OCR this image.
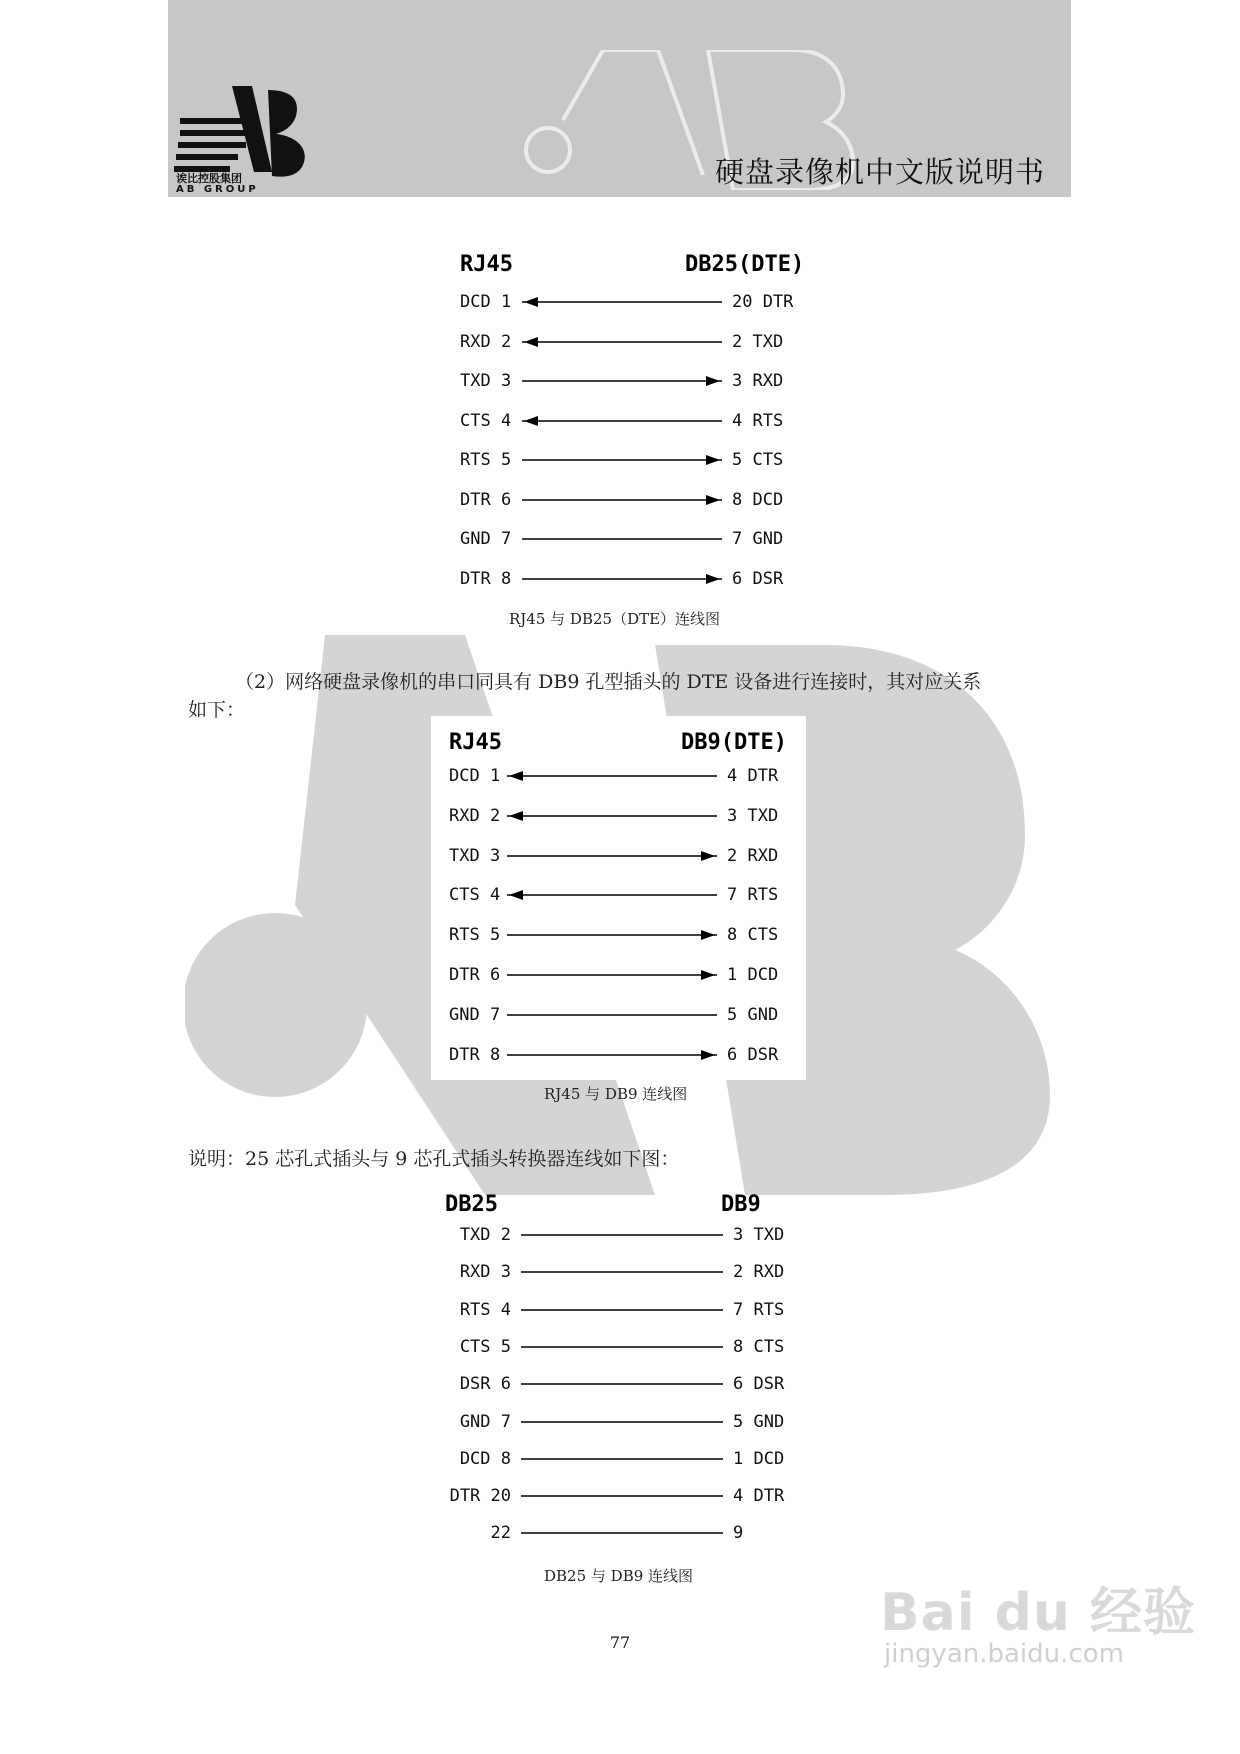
诶比控股集团
AB GROUP
硬盘录像机中文版说明书
RJ45	DB25(DTE)
DCD 1	20 DTR
RXD 2	2 TXD
TXD 3	3 RXD
CTS 4	4 RTS
RTS 5	5 CTS
DTR 6	8 DCD
GND 7	7 GND
DTR 8	6 DSR
RJ45 与 DB25（DTE）连线图
（2）网络硬盘录像机的串口同具有 DB9 孔型插头的 DTE 设备进行连接时，其对应关系
如下：
RJ45	DB9(DTE)
DCD 1	4 DTR
RXD 2	3 TXD
TXD 3	2 RXD
CTS 4	7 RTS
RTS 5	8 CTS
DTR 6	1 DCD
GND 7	5 GND
DTR 8	6 DSR
RJ45 与 DB9 连线图
说明：25 芯孔式插头与 9 芯孔式插头转换器连线如下图：
DB25	DB9
TXD 2	3 TXD
RXD 3	2 RXD
RTS 4	7 RTS
CTS 5	8 CTS
DSR 6	6 DSR
GND 7	5 GND
DCD 8	1 DCD
DTR 20	4 DTR
22	9
DB25 与 DB9 连线图
77	Bai du 经验
jingyan.baidu.com
